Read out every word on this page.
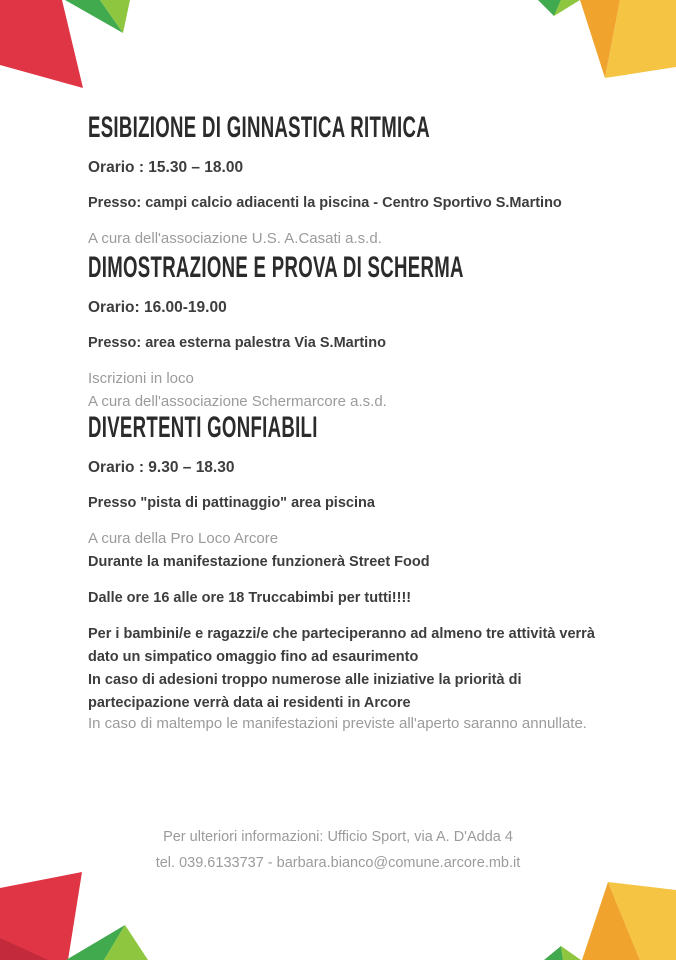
ESIBIZIONE DI GINNASTICA RITMICA
Orario : 15.30 – 18.00
Presso: campi calcio adiacenti la piscina - Centro Sportivo S.Martino
A cura dell'associazione U.S. A.Casati a.s.d.
DIMOSTRAZIONE E PROVA DI SCHERMA
Orario: 16.00-19.00
Presso: area esterna palestra Via S.Martino
Iscrizioni in loco
A cura dell'associazione Schermarcore a.s.d.
DIVERTENTI GONFIABILI
Orario : 9.30 – 18.30
Presso "pista di pattinaggio" area piscina
A cura della Pro Loco Arcore

Durante la manifestazione funzionerà Street Food

Dalle ore 16 alle ore 18 Truccabimbi per tutti!!!!

Per i bambini/e e ragazzi/e che parteciperanno ad almeno tre attività verrà dato un simpatico omaggio fino ad esaurimento

In caso di adesioni troppo numerose alle iniziative la priorità di partecipazione verrà data ai residenti in Arcore

In caso di maltempo le manifestazioni previste all'aperto saranno annullate.

Per ulteriori informazioni: Ufficio Sport, via A. D'Adda 4
tel. 039.6133737 - barbara.bianco@comune.arcore.mb.it
